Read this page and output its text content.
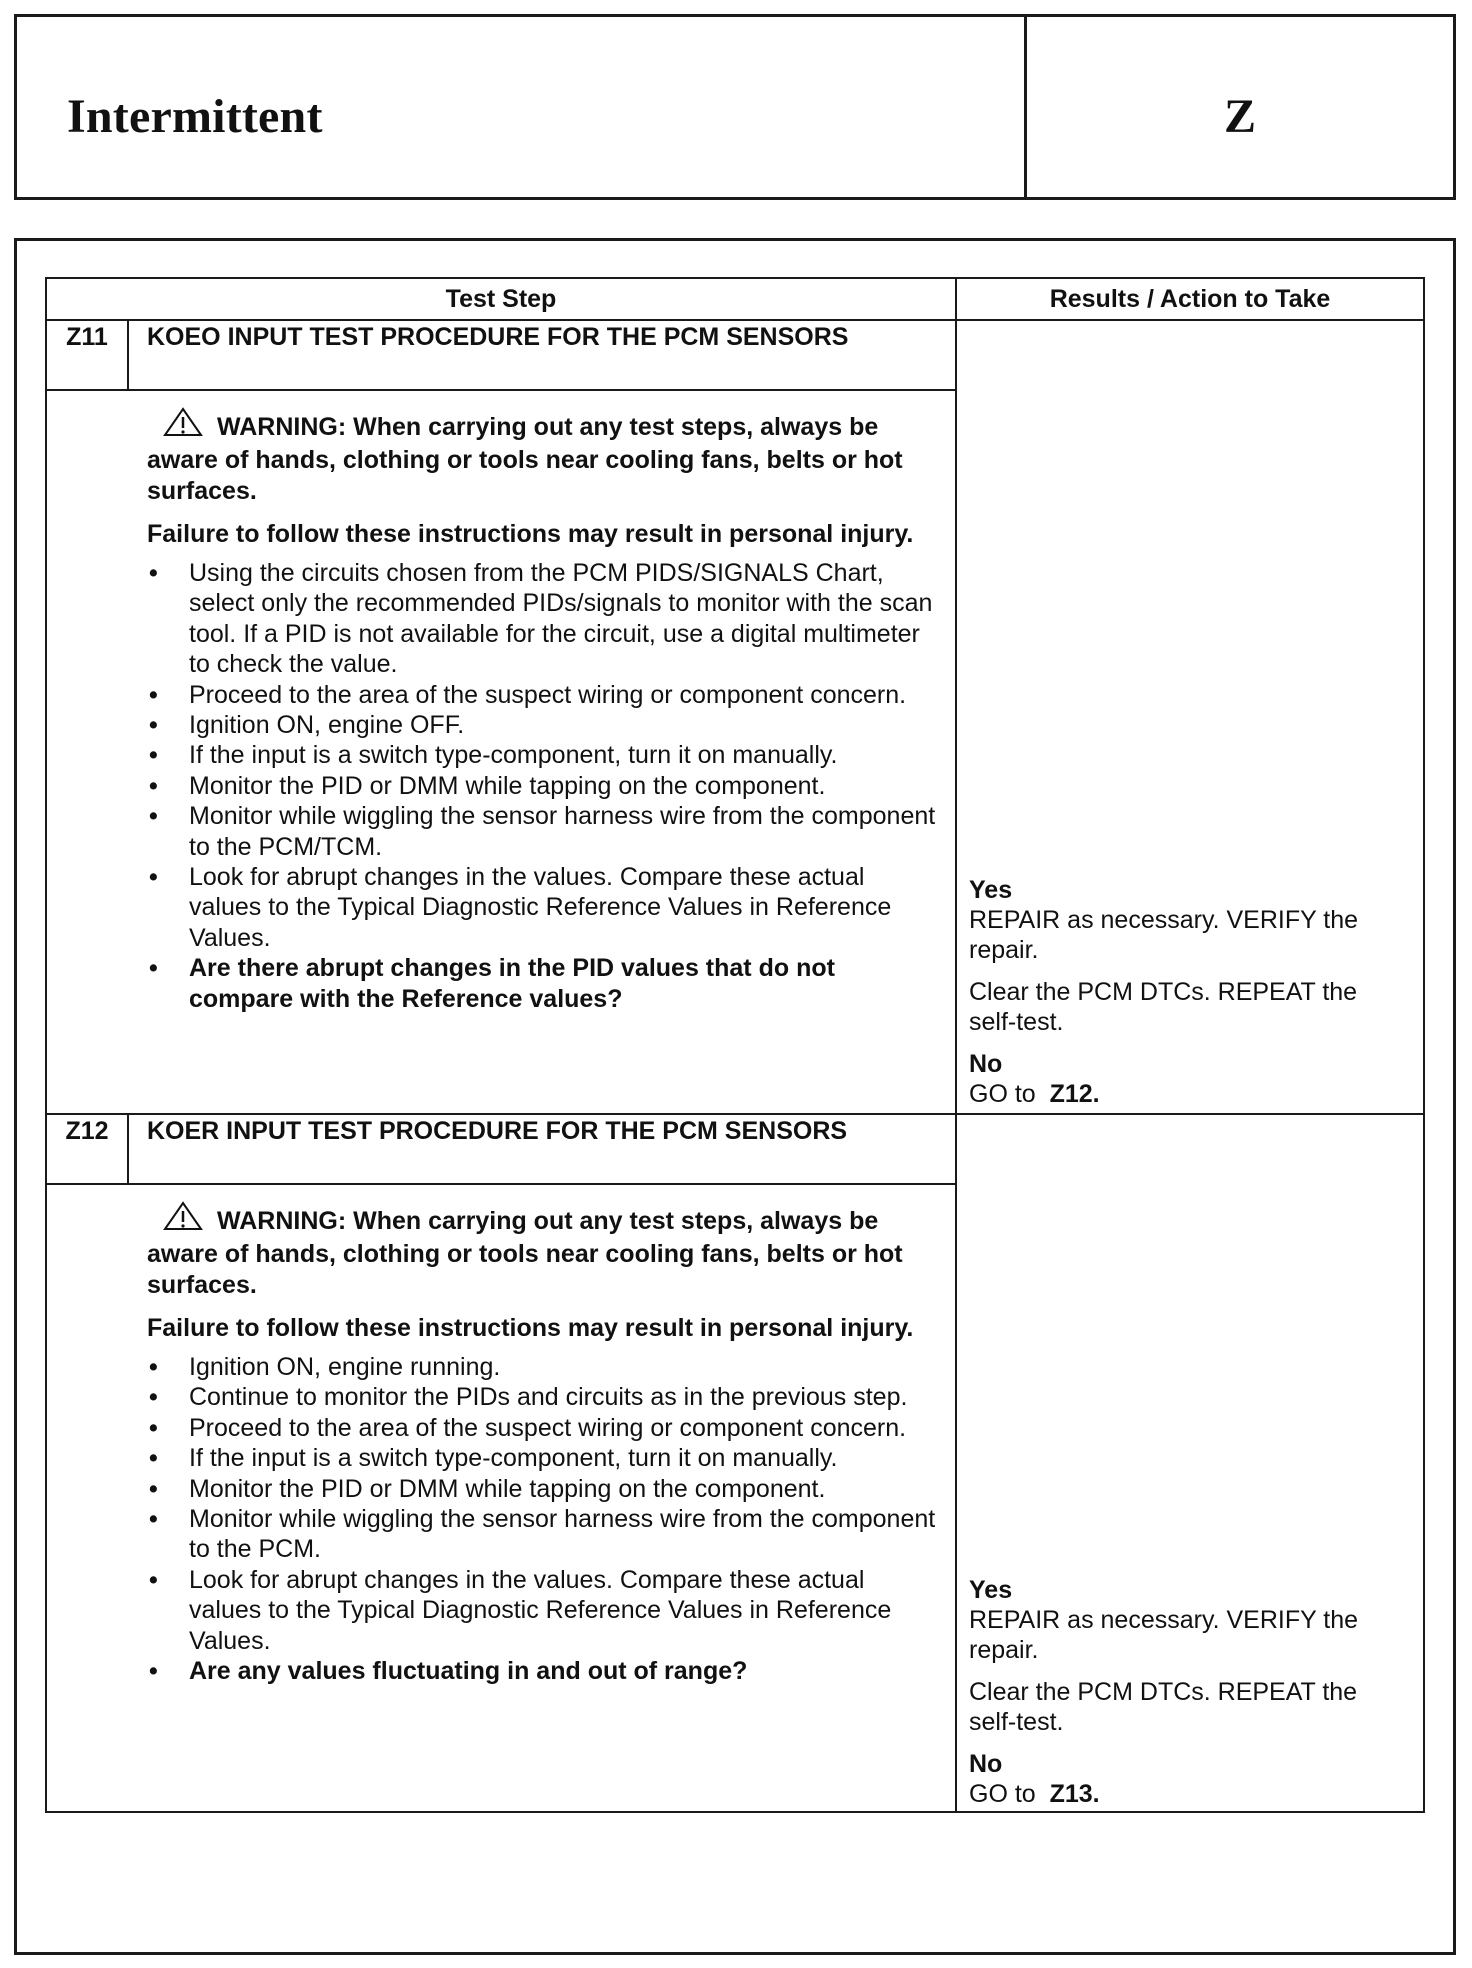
Intermittent	Z
Test Step	Results / Action to Take
Z11	KOEO INPUT TEST PROCEDURE FOR THE PCM SENSORS
WARNING: When carrying out any test steps, always be aware of hands, clothing or tools near cooling fans, belts or hot surfaces.
Failure to follow these instructions may result in personal injury.
• Using the circuits chosen from the PCM PIDS/SIGNALS Chart, select only the recommended PIDs/signals to monitor with the scan tool. If a PID is not available for the circuit, use a digital multimeter to check the value.
• Proceed to the area of the suspect wiring or component concern.
• Ignition ON, engine OFF.
• If the input is a switch type-component, turn it on manually.
• Monitor the PID or DMM while tapping on the component.
• Monitor while wiggling the sensor harness wire from the component to the PCM/TCM.
• Look for abrupt changes in the values. Compare these actual values to the Typical Diagnostic Reference Values in Reference Values.
• Are there abrupt changes in the PID values that do not compare with the Reference values?

Yes

REPAIR as necessary. VERIFY the repair.

Clear the PCM DTCs. REPEAT the self-test.

No

GO to Z12.

Z12	KOER INPUT TEST PROCEDURE FOR THE PCM SENSORS
WARNING: When carrying out any test steps, always be aware of hands, clothing or tools near cooling fans, belts or hot surfaces.
Failure to follow these instructions may result in personal injury.
• Ignition ON, engine running.
• Continue to monitor the PIDs and circuits as in the previous step.
• Proceed to the area of the suspect wiring or component concern.
• If the input is a switch type-component, turn it on manually.
• Monitor the PID or DMM while tapping on the component.
• Monitor while wiggling the sensor harness wire from the component to the PCM.
• Look for abrupt changes in the values. Compare these actual values to the Typical Diagnostic Reference Values in Reference Values.
• Are any values fluctuating in and out of range?

Yes

REPAIR as necessary. VERIFY the repair.

Clear the PCM DTCs. REPEAT the self-test.

No

GO to Z13.
